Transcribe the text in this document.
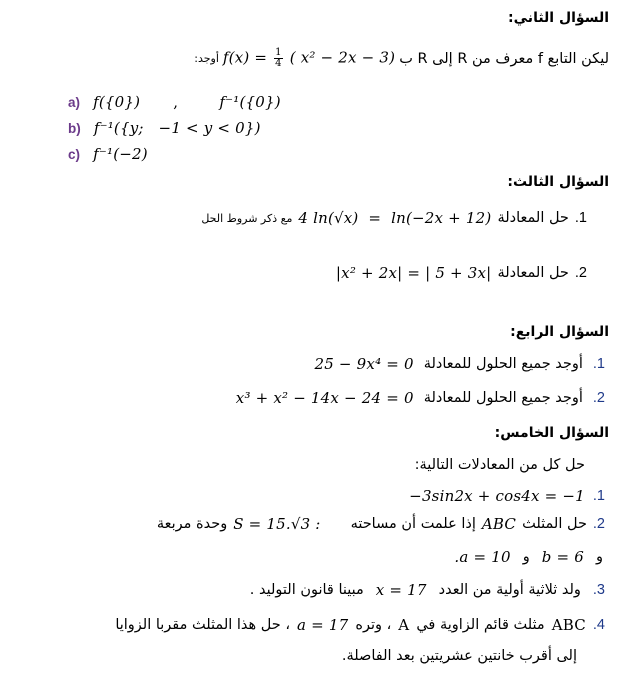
السؤال الثاني:
أوجد: $f(x) = \frac{1}{4}$ ( x² − 2x − 3) ليكن التابع f معرف من R إلى R ب
a) f({0}) ,	f⁻¹({0})
b) f⁻¹({y;   −1 < y < 0})
c) f⁻¹(−2)
السؤال الثالث:
مع ذكر شروط الحل 4 ln(√x)  =  ln(−2x + 12) حل المعادلة .1
|x² + 2x| = | 5 + 3x| حل المعادلة .2
السؤال الرابع:
25 − 9x⁴ = 0 أوجد جميع الحلول للمعادلة .1
x³ + x² − 14x − 24 = 0 أوجد جميع الحلول للمعادلة .2
السؤال الخامس:
حل كل من المعادلات التالية:
−3sin2x + cos4x = −1 .1
وحدة مربعة S = 15.√3 : إذا علمت أن مساحته ABC حل المثلث .2
.a = 10 و b = 6 و
مبينا قانون التوليد . x = 17 ولد ثلاثية أولية من العدد .3
، حل هذا المثلث مقربا الزوايا a = 17 ، وتره A مثلث قائم الزاوية في ABC .4
إلى أقرب خانتين عشريتين بعد الفاصلة.
